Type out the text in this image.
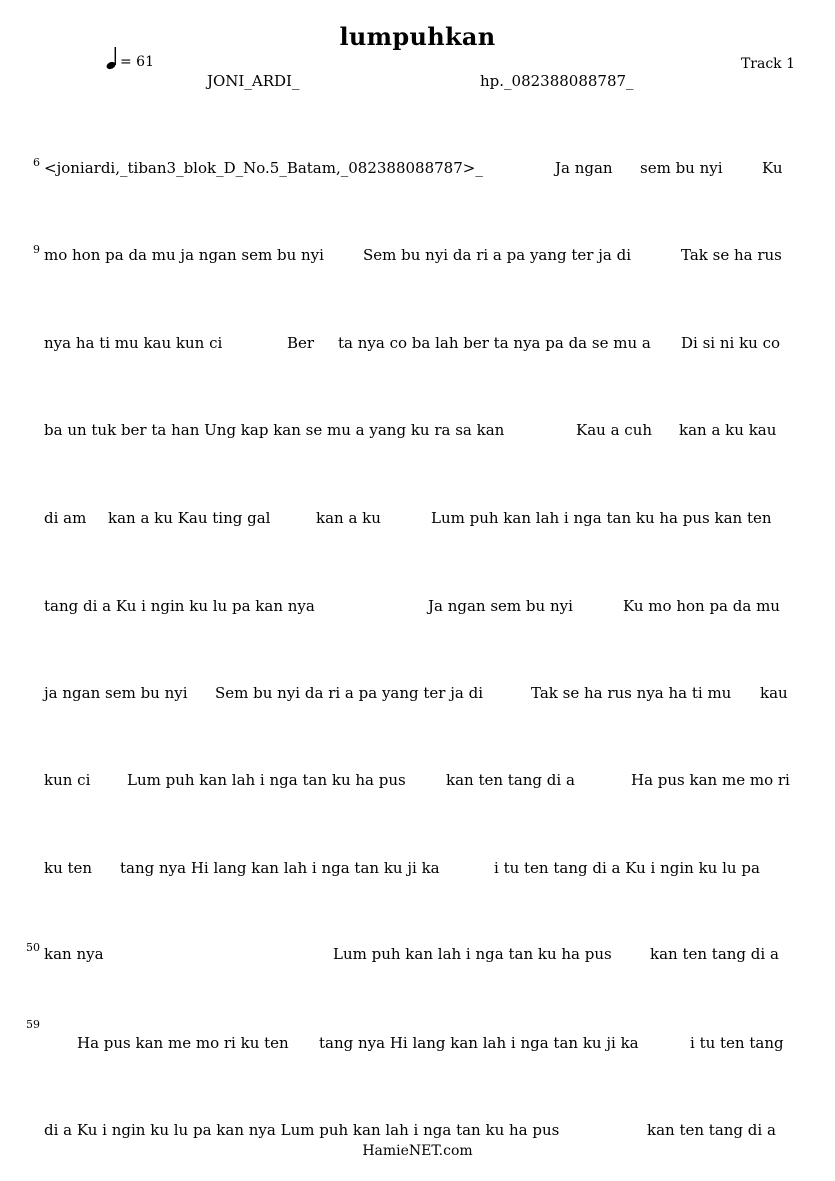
lumpuhkan
= 61
JONI_ARDI_	hp._082388088787_
Track 1
6 <joniardi,_tiban3_blok_D_No.5_Batam,_082388088787>_	Ja ngan sem bu nyi	Ku
9 mo hon pa da mu ja ngan sem bu nyi	Sem bu nyi da ri a pa yang ter ja di	Tak se ha rus
nya ha ti mu kau kun ci	Ber ta nya co ba lah ber ta nya pa da se mu a Di si ni ku co
ba un tuk ber ta han Ung kap kan se mu a yang ku ra sa kan	Kau a cuh kan a ku kau
di am kan a ku Kau ting gal	kan a ku	Lum puh kan lah i nga tan ku ha pus kan ten
tang di a Ku i ngin ku lu pa kan nya	Ja ngan sem bu nyi	Ku mo hon pa da mu
ja ngan sem bu nyi Sem bu nyi da ri a pa yang ter ja di	Tak se ha rus nya ha ti mu kau
kun ci Lum puh kan lah i nga tan ku ha pus	kan ten tang di a	Ha pus kan me mo ri
ku ten tang nya Hi lang kan lah i nga tan ku ji ka	i tu ten tang di a Ku i ngin ku lu pa
50 kan nya	Lum puh kan lah i nga tan ku ha pus	kan ten tang di a
59
Ha pus kan me mo ri ku ten tang nya Hi lang kan lah i nga tan ku ji ka	i tu ten tang
di a Ku i ngin ku lu pa kan nya Lum puh kan lah i nga tan ku ha pus	kan ten tang di a
HamieNET.com
